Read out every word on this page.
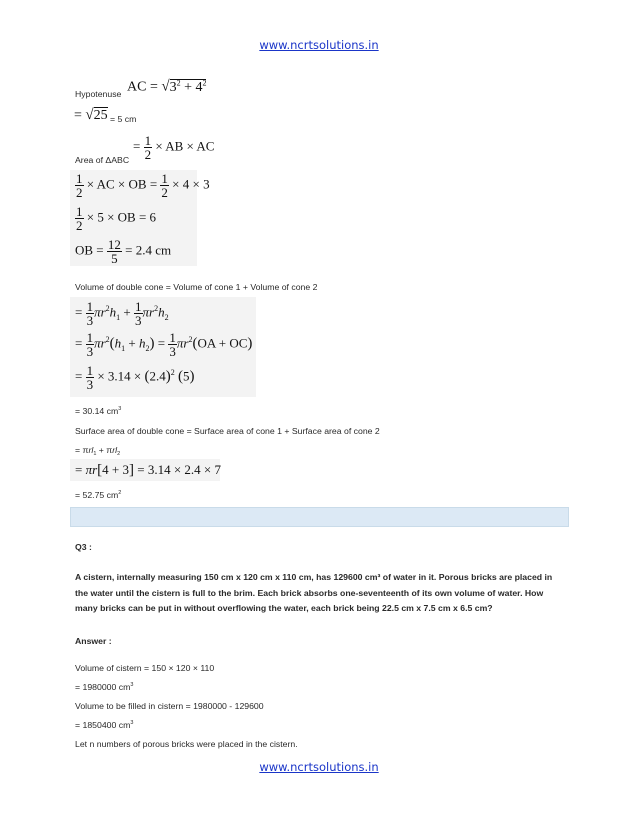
www.ncrtsolutions.in
www.ncrtsolutions.in
Hypotenuse AC = $√3^2 + 4^2$
= √25 = 5 cm
= $\frac{1}{2}$ × AB × AC
Area of ΔABC
$\frac{1}{2}$ × AC × OB = $\frac{1}{2} \times 4 \times 3$
$\frac{1}{2} \times 5$ × OB = 6
OB = $\frac{12}{5} = 2.4$ cm
Volume of double cone = Volume of cone 1 + Volume of cone 2
= $\frac{1}{3} \pi r^2h_1 + \frac{1}{3} \pi r^2h_2$
= $\frac{1}{3} \pi r^2(h_1 + h_2) = \frac{1}{3} \pi r^2(OA + OC)$
= $\frac{1}{3} \times 3.14 \times (2.4)^2$ (5)
= 30.14 $cm^3$
Surface area of double cone = Surface area of cone 1 + Surface area of cone 2
= πrl$_1$ + πrl$_2$
= πr[4 + 3] = 3.14 × 2.4 × 7
= 52.75 $cm^2$
Q3 :
A cistern, internally measuring 150 cm x 120 cm x 110 cm, has 129600 cm³ of water in it. Porous bricks are placed in the water until the cistern is full to the brim. Each brick absorbs one-seventeenth of its own volume of water. How many bricks can be put in without overflowing the water, each brick being 22.5 cm x 7.5 cm x 6.5 cm?
Answer :
Volume of cistern = 150 × 120 × 110
= 1980000 $cm^3$
Volume to be filled in cistern = 1980000 - 129600
= 1850400 $cm^3$
Let n numbers of porous bricks were placed in the cistern.
